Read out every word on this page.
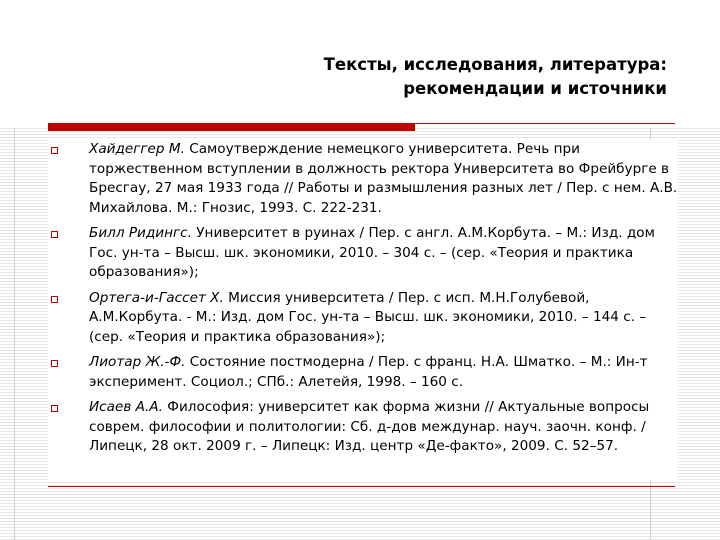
Тексты, исследования, литература:
рекомендации и источники
Хайдеггер М. Самоутверждение немецкого университета. Речь при торжественном вступлении в должность ректора Университета во Фрейбурге в Бресгау, 27 мая 1933 года // Работы и размышления разных лет / Пер. с нем. А.В. Михайлова. М.: Гнозис, 1993. С. 222-231.
Билл Ридингс. Университет в руинах / Пер. с англ. А.М.Корбута. – М.: Изд. дом Гос. ун-та – Высш. шк. экономики, 2010. – 304 с. – (сер. «Теория и практика образования»);
Ортега-и-Гассет Х. Миссия университета / Пер. с исп. М.Н.Голубевой, А.М.Корбута. - М.: Изд. дом Гос. ун-та – Высш. шк. экономики, 2010. – 144 с. – (сер. «Теория и практика образования»);
Лиотар Ж.-Ф. Состояние постмодерна / Пер. с франц. Н.А. Шматко. – М.: Ин-т эксперимент. Социол.; СПб.: Алетейя, 1998. – 160 с.
Исаев А.А. Философия: университет как форма жизни // Актуальные вопросы соврем. философии и политологии: Сб. д-дов междунар. науч. заочн. конф. / Липецк, 28 окт. 2009 г. – Липецк: Изд. центр «Де-факто», 2009. С. 52–57.
